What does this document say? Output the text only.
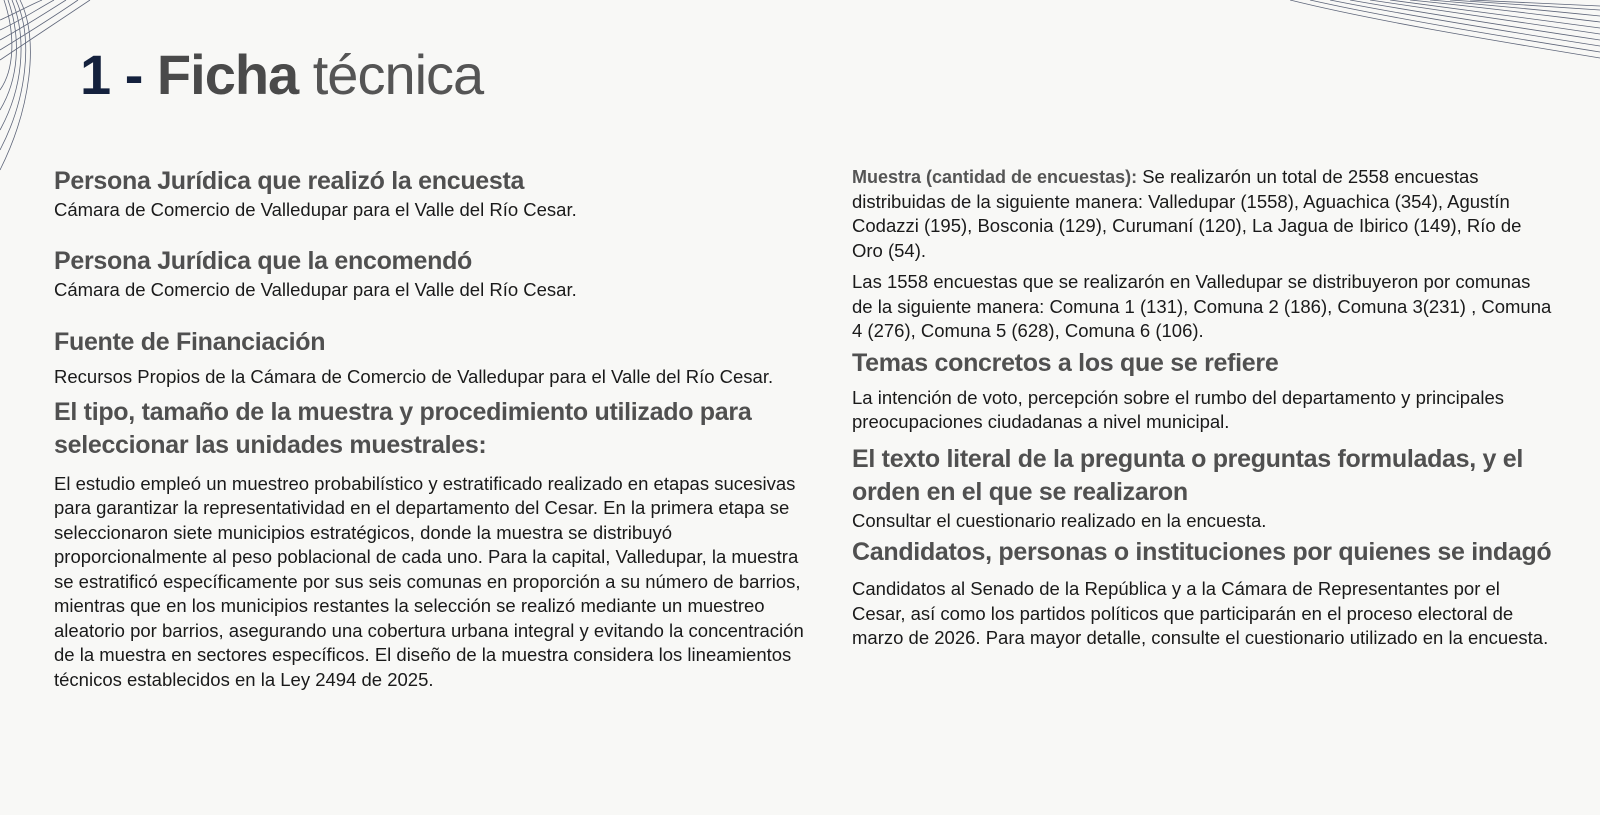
1 - Ficha técnica
Persona Jurídica que realizó la encuesta

Cámara de Comercio de Valledupar para el Valle del Río Cesar.

Persona Jurídica que la encomendó

Cámara de Comercio de Valledupar para el Valle del Río Cesar.

Fuente de Financiación

Recursos Propios de la Cámara de Comercio de Valledupar para el Valle del Río Cesar.

El tipo, tamaño de la muestra y procedimiento utilizado para seleccionar las unidades muestrales:

El estudio empleó un muestreo probabilístico y estratificado realizado en etapas sucesivas para garantizar la representatividad en el departamento del Cesar. En la primera etapa se seleccionaron siete municipios estratégicos, donde la muestra se distribuyó proporcionalmente al peso poblacional de cada uno. Para la capital, Valledupar, la muestra se estratificó específicamente por sus seis comunas en proporción a su número de barrios, mientras que en los municipios restantes la selección se realizó mediante un muestreo aleatorio por barrios, asegurando una cobertura urbana integral y evitando la concentración de la muestra en sectores específicos. El diseño de la muestra considera los lineamientos técnicos establecidos en la Ley 2494 de 2025.

Muestra (cantidad de encuestas): Se realizarón un total de 2558 encuestas distribuidas de la siguiente manera: Valledupar (1558), Aguachica (354), Agustín Codazzi (195), Bosconia (129), Curumaní (120), La Jagua de Ibirico (149), Río de Oro (54).

Las 1558 encuestas que se realizarón en Valledupar se distribuyeron por comunas de la siguiente manera: Comuna 1 (131), Comuna 2 (186), Comuna 3(231) , Comuna 4 (276), Comuna 5 (628), Comuna 6 (106).

Temas concretos a los que se refiere

La intención de voto, percepción sobre el rumbo del departamento y principales preocupaciones ciudadanas a nivel municipal.

El texto literal de la pregunta o preguntas formuladas, y el orden en el que se realizaron

Consultar el cuestionario realizado en la encuesta.

Candidatos, personas o instituciones por quienes se indagó

Candidatos al Senado de la República y a la Cámara de Representantes por el Cesar, así como los partidos políticos que participarán en el proceso electoral de marzo de 2026. Para mayor detalle, consulte el cuestionario utilizado en la encuesta.
